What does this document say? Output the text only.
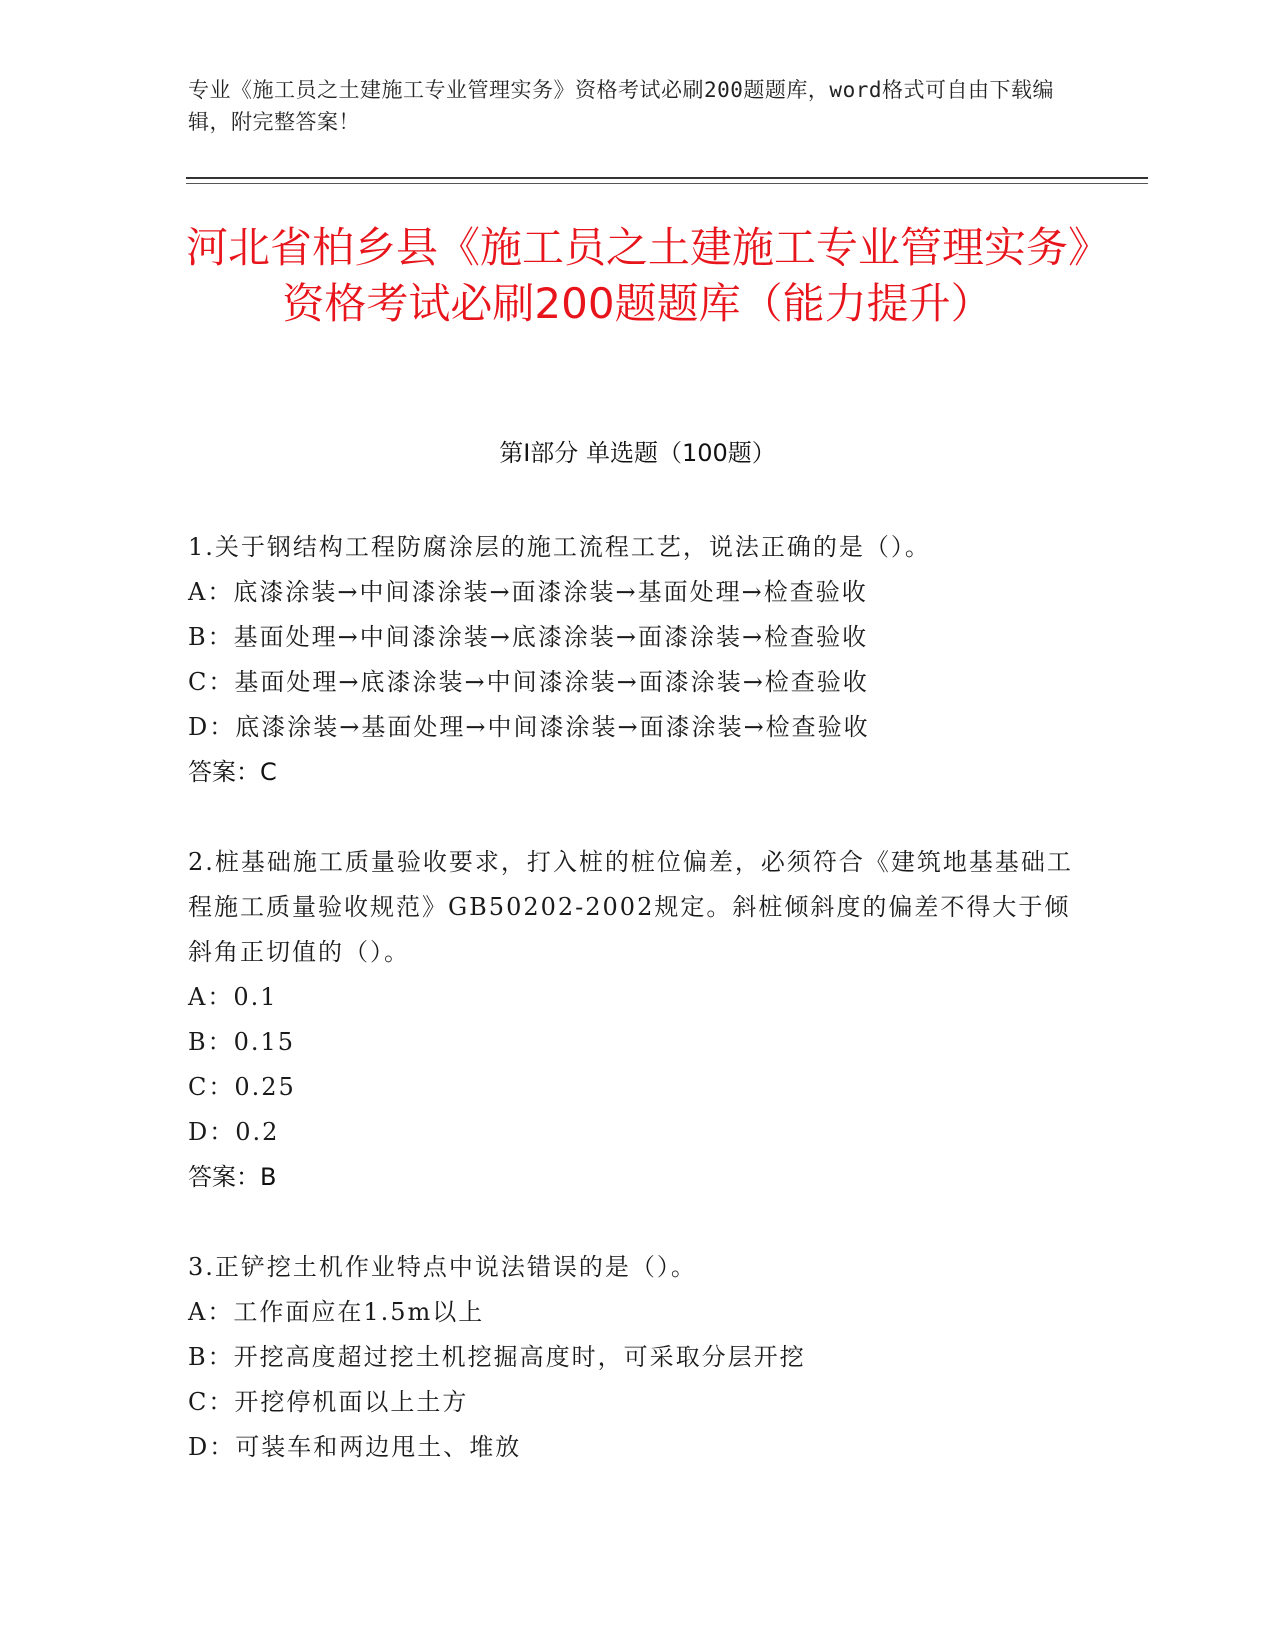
专业《施工员之土建施工专业管理实务》资格考试必刷200题题库，word格式可自由下载编辑，附完整答案！
河北省柏乡县《施工员之土建施工专业管理实务》资格考试必刷200题题库（能力提升）
第I部分 单选题（100题）
1.关于钢结构工程防腐涂层的施工流程工艺，说法正确的是（）。
A：底漆涂装→中间漆涂装→面漆涂装→基面处理→检查验收
B：基面处理→中间漆涂装→底漆涂装→面漆涂装→检查验收
C：基面处理→底漆涂装→中间漆涂装→面漆涂装→检查验收
D：底漆涂装→基面处理→中间漆涂装→面漆涂装→检查验收
答案：C
2.桩基础施工质量验收要求，打入桩的桩位偏差，必须符合《建筑地基基础工程施工质量验收规范》GB50202-2002规定。斜桩倾斜度的偏差不得大于倾斜角正切值的（）。
A：0.1
B：0.15
C：0.25
D：0.2
答案：B
3.正铲挖土机作业特点中说法错误的是（）。
A：工作面应在1.5m以上
B：开挖高度超过挖土机挖掘高度时，可采取分层开挖
C：开挖停机面以上土方
D：可装车和两边甩土、堆放
